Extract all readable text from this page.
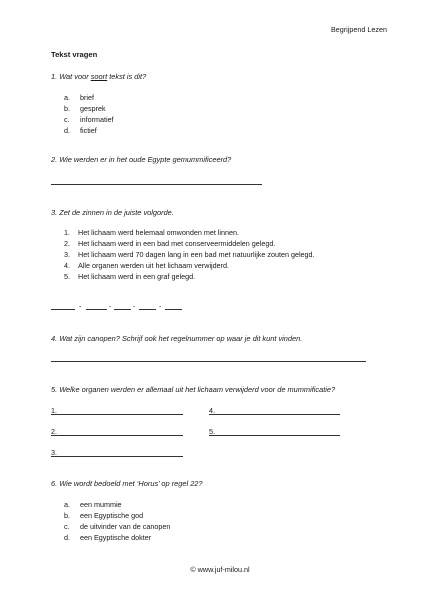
Begrijpend Lezen
Tekst vragen
1. Wat voor soort tekst is dit?
a. brief
b. gesprek
c. informatief
d. fictief
2. Wie werden er in het oude Egypte gemummificeerd?
3. Zet de zinnen in de juiste volgorde.
1. Het lichaam werd helemaal omwonden met linnen.
2. Het lichaam werd in een bad met conserveermiddelen gelegd.
3. Het lichaam werd 70 dagen lang in een bad met natuurlijke zouten gelegd.
4. Alle organen werden uit het lichaam verwijderd.
5. Het lichaam werd in een graf gelegd.
-	-	-	-
4. Wat zijn canopen? Schrijf ook het regelnummer op waar je dit kunt vinden.
5. Welke organen werden er allemaal uit het lichaam verwijderd voor de mummificatie?
1.	4.
2.	5.
3.
6. Wie wordt bedoeld met ‘Horus’ op regel 22?
a. een mummie
b. een Egyptische god
c. de uitvinder van de canopen
d. een Egyptische dokter
© www.juf-milou.nl
